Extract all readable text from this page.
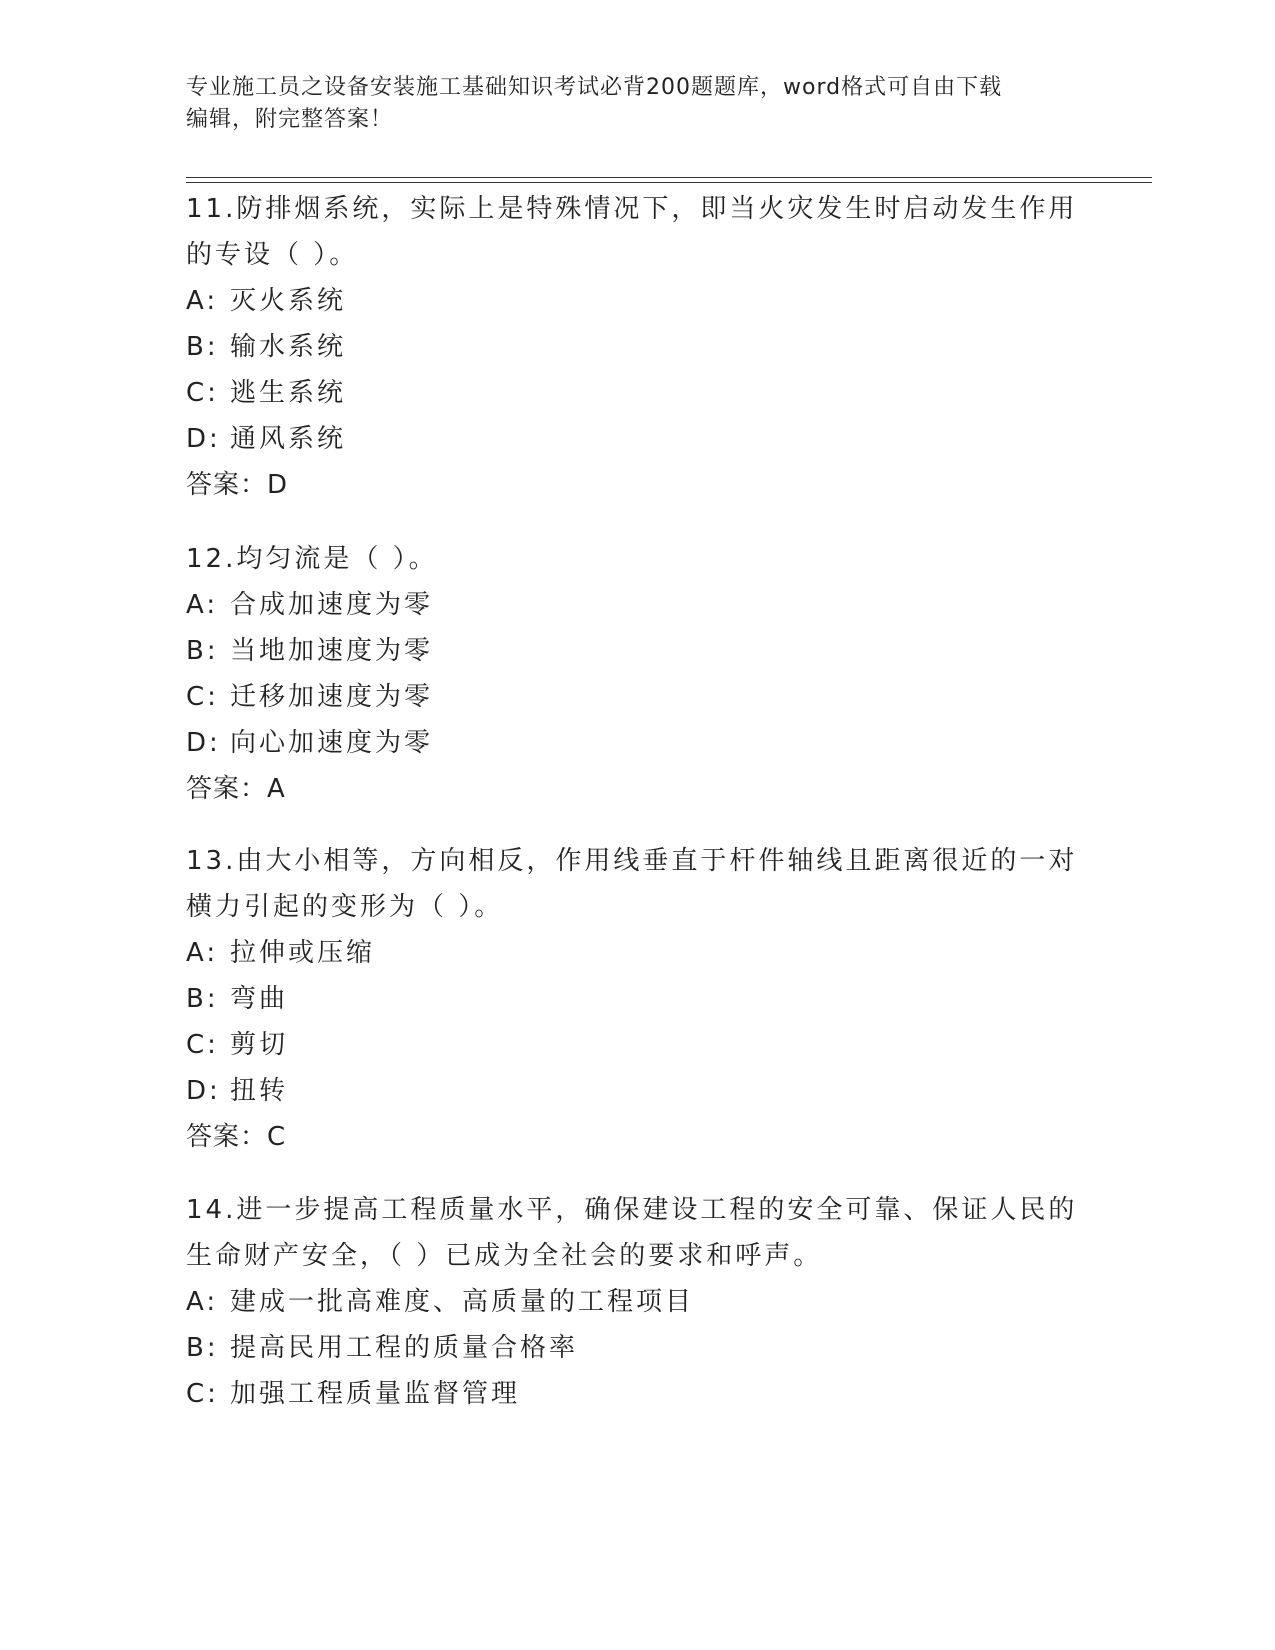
专业施工员之设备安装施工基础知识考试必背200题题库，word格式可自由下载
编辑，附完整答案！
11.防排烟系统，实际上是特殊情况下，即当火灾发生时启动发生作用
的专设（ ）。
A: 灭火系统
B: 输水系统
C: 逃生系统
D: 通风系统
答案：D
12.均匀流是（ ）。
A: 合成加速度为零
B: 当地加速度为零
C: 迁移加速度为零
D: 向心加速度为零
答案：A
13.由大小相等，方向相反，作用线垂直于杆件轴线且距离很近的一对
横力引起的变形为（ ）。
A: 拉伸或压缩
B: 弯曲
C: 剪切
D: 扭转
答案：C
14.进一步提高工程质量水平，确保建设工程的安全可靠、保证人民的
生命财产安全，（ ）已成为全社会的要求和呼声。
A: 建成一批高难度、高质量的工程项目
B: 提高民用工程的质量合格率
C: 加强工程质量监督管理
